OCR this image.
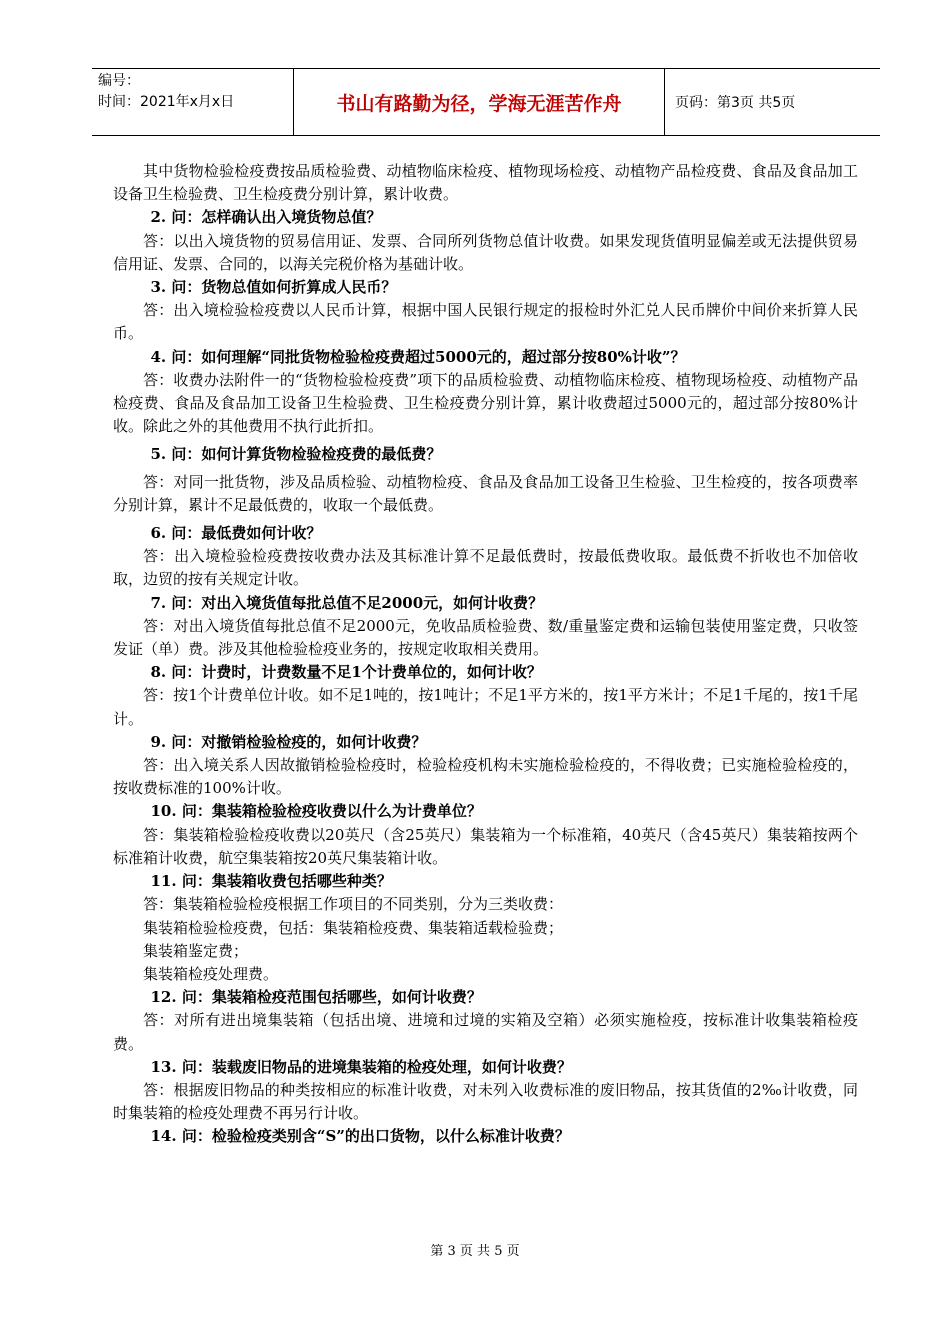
编号：
时间：2021年x月x日	书山有路勤为径，学海无涯苦作舟	页码：第3页 共5页

其中货物检验检疫费按品质检验费、动植物临床检疫、植物现场检疫、动植物产品检疫费、食品及食品加工设备卫生检验费、卫生检疫费分别计算，累计收费。

2. 问：怎样确认出入境货物总值？

答：以出入境货物的贸易信用证、发票、合同所列货物总值计收费。如果发现货值明显偏差或无法提供贸易信用证、发票、合同的，以海关完税价格为基础计收。

3. 问：货物总值如何折算成人民币？

答：出入境检验检疫费以人民币计算，根据中国人民银行规定的报检时外汇兑人民币牌价中间价来折算人民币。

4. 问：如何理解“同批货物检验检疫费超过5000元的，超过部分按80%计收”？

答：收费办法附件一的“货物检验检疫费”项下的品质检验费、动植物临床检疫、植物现场检疫、动植物产品检疫费、食品及食品加工设备卫生检验费、卫生检疫费分别计算，累计收费超过5000元的，超过部分按80%计收。除此之外的其他费用不执行此折扣。

5. 问：如何计算货物检验检疫费的最低费？

答：对同一批货物，涉及品质检验、动植物检疫、食品及食品加工设备卫生检验、卫生检疫的，按各项费率分别计算，累计不足最低费的，收取一个最低费。

6. 问：最低费如何计收？

答：出入境检验检疫费按收费办法及其标准计算不足最低费时，按最低费收取。最低费不折收也不加倍收取，边贸的按有关规定计收。

7. 问：对出入境货值每批总值不足2000元，如何计收费？

答：对出入境货值每批总值不足2000元，免收品质检验费、数/重量鉴定费和运输包装使用鉴定费，只收签发证（单）费。涉及其他检验检疫业务的，按规定收取相关费用。

8. 问：计费时，计费数量不足1个计费单位的，如何计收？

答：按1个计费单位计收。如不足1吨的，按1吨计；不足1平方米的，按1平方米计；不足1千尾的，按1千尾计。

9. 问：对撤销检验检疫的，如何计收费？

答：出入境关系人因故撤销检验检疫时，检验检疫机构未实施检验检疫的，不得收费；已实施检验检疫的，按收费标准的100%计收。

10. 问：集装箱检验检疫收费以什么为计费单位？

答：集装箱检验检疫收费以20英尺（含25英尺）集装箱为一个标准箱，40英尺（含45英尺）集装箱按两个标准箱计收费，航空集装箱按20英尺集装箱计收。

11. 问：集装箱收费包括哪些种类？

答：集装箱检验检疫根据工作项目的不同类别，分为三类收费：

集装箱检验检疫费，包括：集装箱检疫费、集装箱适载检验费；

集装箱鉴定费；

集装箱检疫处理费。

12. 问：集装箱检疫范围包括哪些，如何计收费？

答：对所有进出境集装箱（包括出境、进境和过境的实箱及空箱）必须实施检疫，按标准计收集装箱检疫费。

13. 问：装载废旧物品的进境集装箱的检疫处理，如何计收费？

答：根据废旧物品的种类按相应的标准计收费，对未列入收费标准的废旧物品，按其货值的2‰计收费，同时集装箱的检疫处理费不再另行计收。

14. 问：检验检疫类别含“S”的出口货物，以什么标准计收费？

第 3 页 共 5 页
